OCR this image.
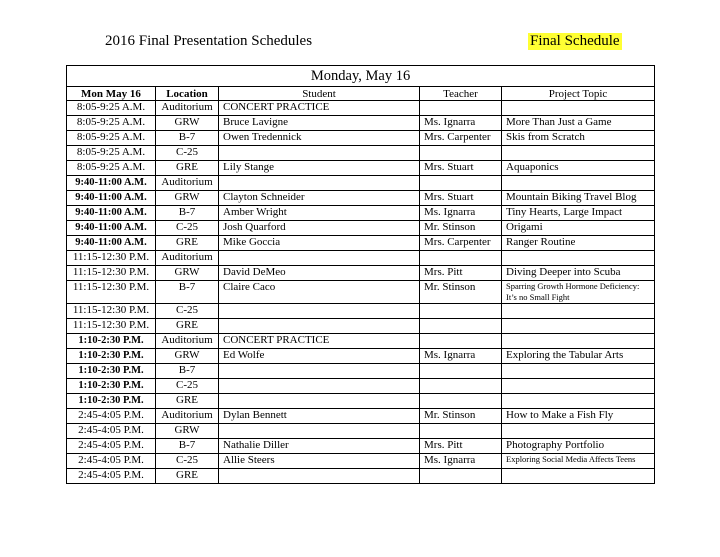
2016 Final Presentation Schedules	Final Schedule
Monday, May 16				
Mon May 16	Location	Student	Teacher	Project Topic
8:05-9:25 A.M.	Auditorium	CONCERT PRACTICE		
8:05-9:25 A.M.	GRW	Bruce Lavigne	Ms. Ignarra	More Than Just a Game
8:05-9:25 A.M.	B-7	Owen Tredennick	Mrs. Carpenter	Skis from Scratch
8:05-9:25 A.M.	C-25			
8:05-9:25 A.M.	GRE	Lily Stange	Mrs. Stuart	Aquaponics
9:40-11:00 A.M.	Auditorium			
9:40-11:00 A.M.	GRW	Clayton Schneider	Mrs. Stuart	Mountain Biking Travel Blog
9:40-11:00 A.M.	B-7	Amber Wright	Ms. Ignarra	Tiny Hearts, Large Impact
9:40-11:00 A.M.	C-25	Josh Quarford	Mr. Stinson	Origami
9:40-11:00 A.M.	GRE	Mike Goccia	Mrs. Carpenter	Ranger Routine
11:15-12:30 P.M.	Auditorium			
11:15-12:30 P.M.	GRW	David DeMeo	Mrs. Pitt	Diving Deeper into Scuba
11:15-12:30 P.M.	B-7	Claire Caco	Mr. Stinson	Sparring Growth Hormone Deficiency: It’s no Small Fight
11:15-12:30 P.M.	C-25			
11:15-12:30 P.M.	GRE			
1:10-2:30 P.M.	Auditorium	CONCERT PRACTICE		
1:10-2:30 P.M.	GRW	Ed Wolfe	Ms. Ignarra	Exploring the Tabular Arts
1:10-2:30 P.M.	B-7			
1:10-2:30 P.M.	C-25			
1:10-2:30 P.M.	GRE			
2:45-4:05 P.M.	Auditorium	Dylan Bennett	Mr. Stinson	How to Make a Fish Fly
2:45-4:05 P.M.	GRW			
2:45-4:05 P.M.	B-7	Nathalie Diller	Mrs. Pitt	Photography Portfolio
2:45-4:05 P.M.	C-25	Allie Steers	Ms. Ignarra	Exploring Social Media Affects Teens
2:45-4:05 P.M.	GRE			
